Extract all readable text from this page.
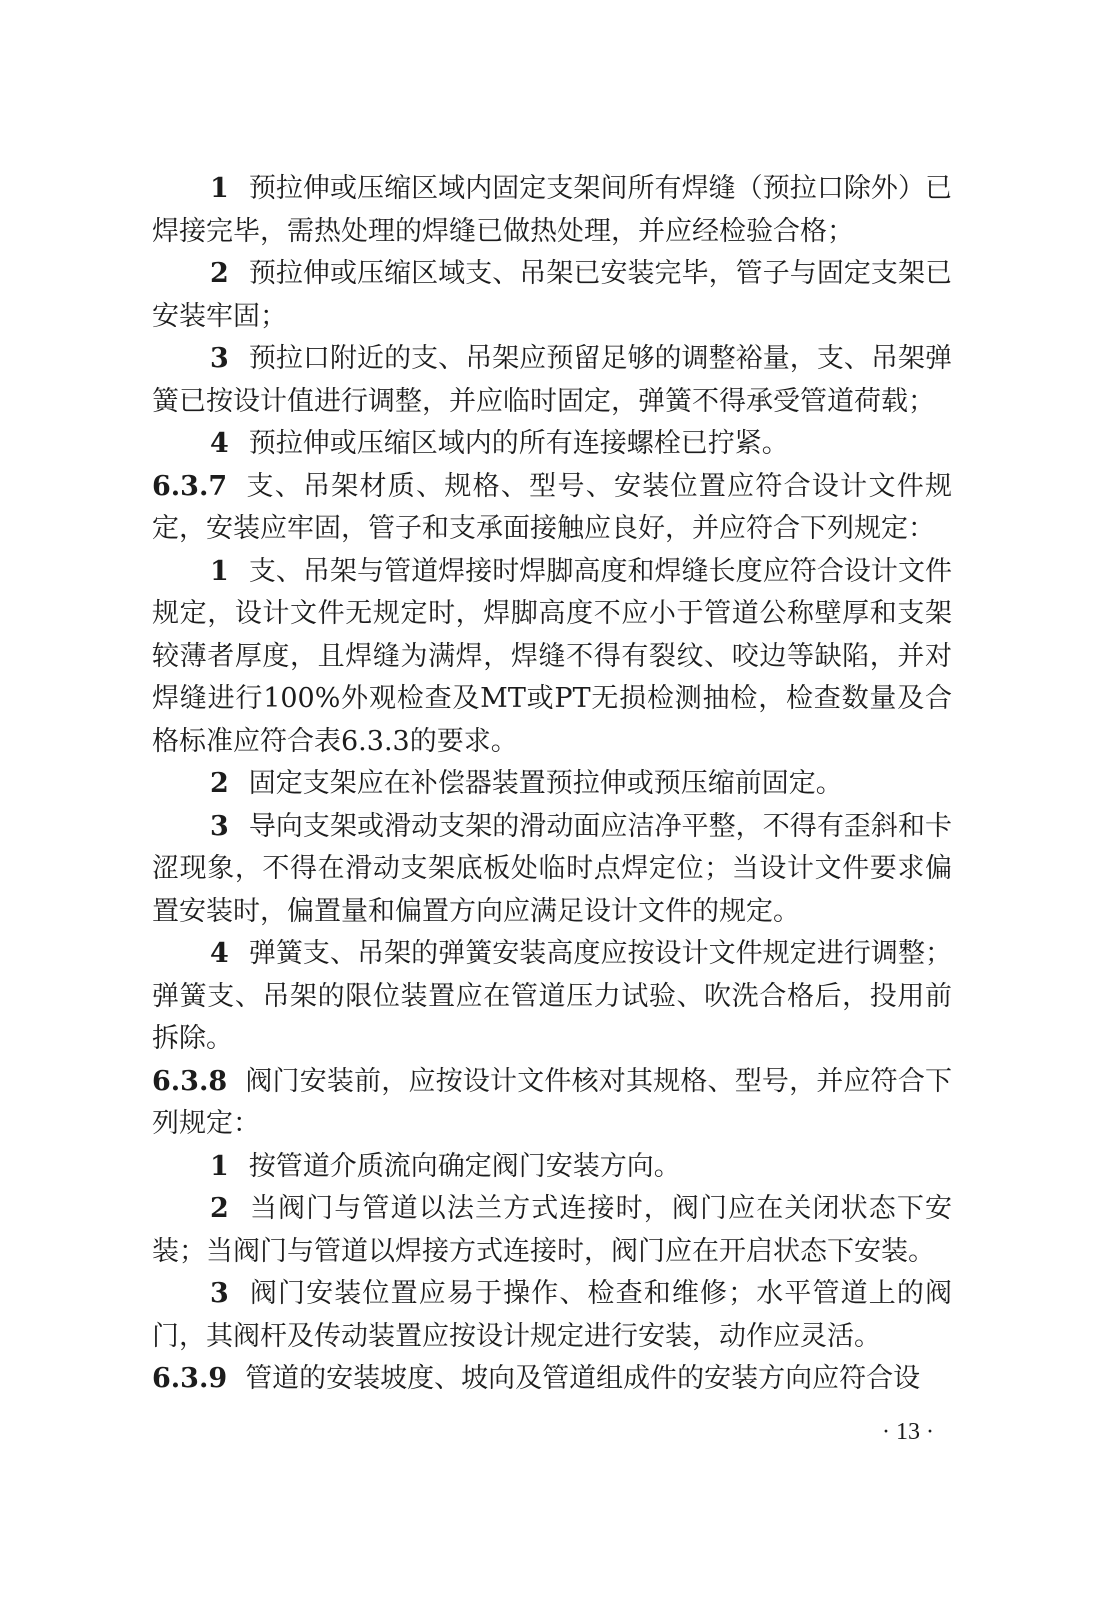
1 预拉伸或压缩区域内固定支架间所有焊缝（预拉口除外）已焊接完毕，需热处理的焊缝已做热处理，并应经检验合格；

2 预拉伸或压缩区域支、吊架已安装完毕，管子与固定支架已安装牢固；

3 预拉口附近的支、吊架应预留足够的调整裕量，支、吊架弹簧已按设计值进行调整，并应临时固定，弹簧不得承受管道荷载；

4 预拉伸或压缩区域内的所有连接螺栓已拧紧。

6.3.7 支、吊架材质、规格、型号、安装位置应符合设计文件规定，安装应牢固，管子和支承面接触应良好，并应符合下列规定：

1 支、吊架与管道焊接时焊脚高度和焊缝长度应符合设计文件规定，设计文件无规定时，焊脚高度不应小于管道公称壁厚和支架较薄者厚度，且焊缝为满焊，焊缝不得有裂纹、咬边等缺陷，并对焊缝进行100%外观检查及MT或PT无损检测抽检，检查数量及合格标准应符合表6.3.3的要求。

2 固定支架应在补偿器装置预拉伸或预压缩前固定。

3 导向支架或滑动支架的滑动面应洁净平整，不得有歪斜和卡涩现象，不得在滑动支架底板处临时点焊定位；当设计文件要求偏置安装时，偏置量和偏置方向应满足设计文件的规定。

4 弹簧支、吊架的弹簧安装高度应按设计文件规定进行调整；弹簧支、吊架的限位装置应在管道压力试验、吹洗合格后，投用前拆除。

6.3.8 阀门安装前，应按设计文件核对其规格、型号，并应符合下列规定：

1 按管道介质流向确定阀门安装方向。

2 当阀门与管道以法兰方式连接时，阀门应在关闭状态下安装；当阀门与管道以焊接方式连接时，阀门应在开启状态下安装。

3 阀门安装位置应易于操作、检查和维修；水平管道上的阀门，其阀杆及传动装置应按设计规定进行安装，动作应灵活。

6.3.9 管道的安装坡度、坡向及管道组成件的安装方向应符合设

· 13 ·
